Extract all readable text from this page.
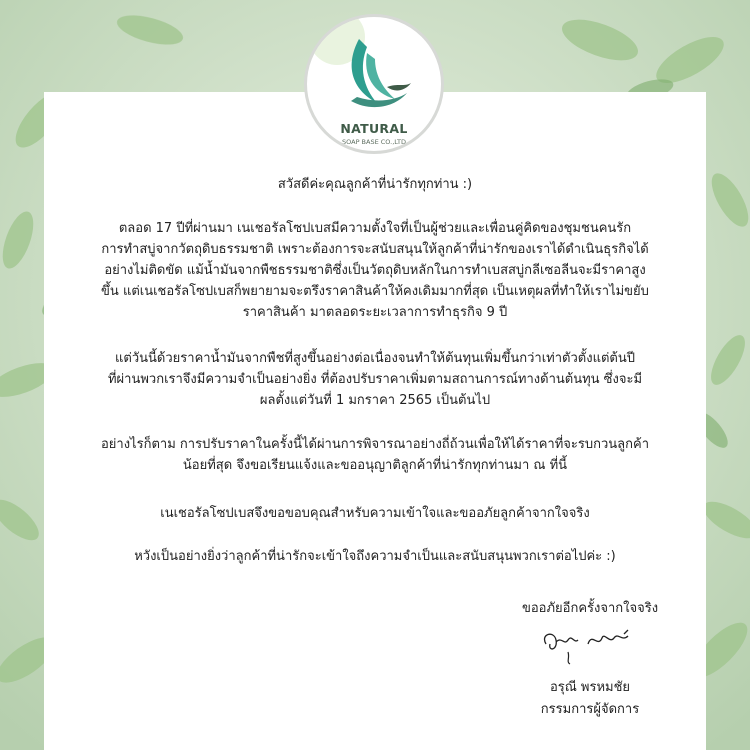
NATURAL
SOAP BASE CO.,LTD
สวัสดีค่ะคุณลูกค้าที่น่ารักทุกท่าน :)
ตลอด 17 ปีที่ผ่านมา เนเชอรัลโซปเบสมีความตั้งใจที่เป็นผู้ช่วยและเพื่อนคู่คิดของชุมชนคนรัก
การทำสบู่จากวัตถุดิบธรรมชาติ เพราะต้องการจะสนับสนุนให้ลูกค้าที่น่ารักของเราได้ดำเนินธุรกิจได้
อย่างไม่ติดขัด แม้น้ำมันจากพืชธรรมชาติซึ่งเป็นวัตถุดิบหลักในการทำเบสสบู่กลีเซอลีนจะมีราคาสูง
ขึ้น แต่เนเชอรัลโซปเบสก็พยายามจะตรึงราคาสินค้าให้คงเดิมมากที่สุด เป็นเหตุผลที่ทำให้เราไม่ขยับ
ราคาสินค้า มาตลอดระยะเวลาการทำธุรกิจ 9 ปี
แต่วันนี้ด้วยราคาน้ำมันจากพืชที่สูงขึ้นอย่างต่อเนื่องจนทำให้ต้นทุนเพิ่มขึ้นกว่าเท่าตัวตั้งแต่ต้นปี
ที่ผ่านพวกเราจึงมีความจำเป็นอย่างยิ่ง ที่ต้องปรับราคาเพิ่มตามสถานการณ์ทางด้านต้นทุน ซึ่งจะมี
ผลตั้งแต่วันที่ 1 มกราคา 2565 เป็นต้นไป
อย่างไรก็ตาม การปรับราคาในครั้งนี้ได้ผ่านการพิจารณาอย่างถี่ถ้วนเพื่อให้ได้ราคาที่จะรบกวนลูกค้า
น้อยที่สุด จึงขอเรียนแจ้งและขออนุญาติลูกค้าที่น่ารักทุกท่านมา ณ ที่นี้
เนเชอรัลโซปเบสจึงขอขอบคุณสำหรับความเข้าใจและขออภัยลูกค้าจากใจจริง
หวังเป็นอย่างยิ่งว่าลูกค้าที่น่ารักจะเข้าใจถึงความจำเป็นและสนับสนุนพวกเราต่อไปค่ะ :)
ขออภัยอีกครั้งจากใจจริง
อรุณี พรหมชัย
กรรมการผู้จัดการ
